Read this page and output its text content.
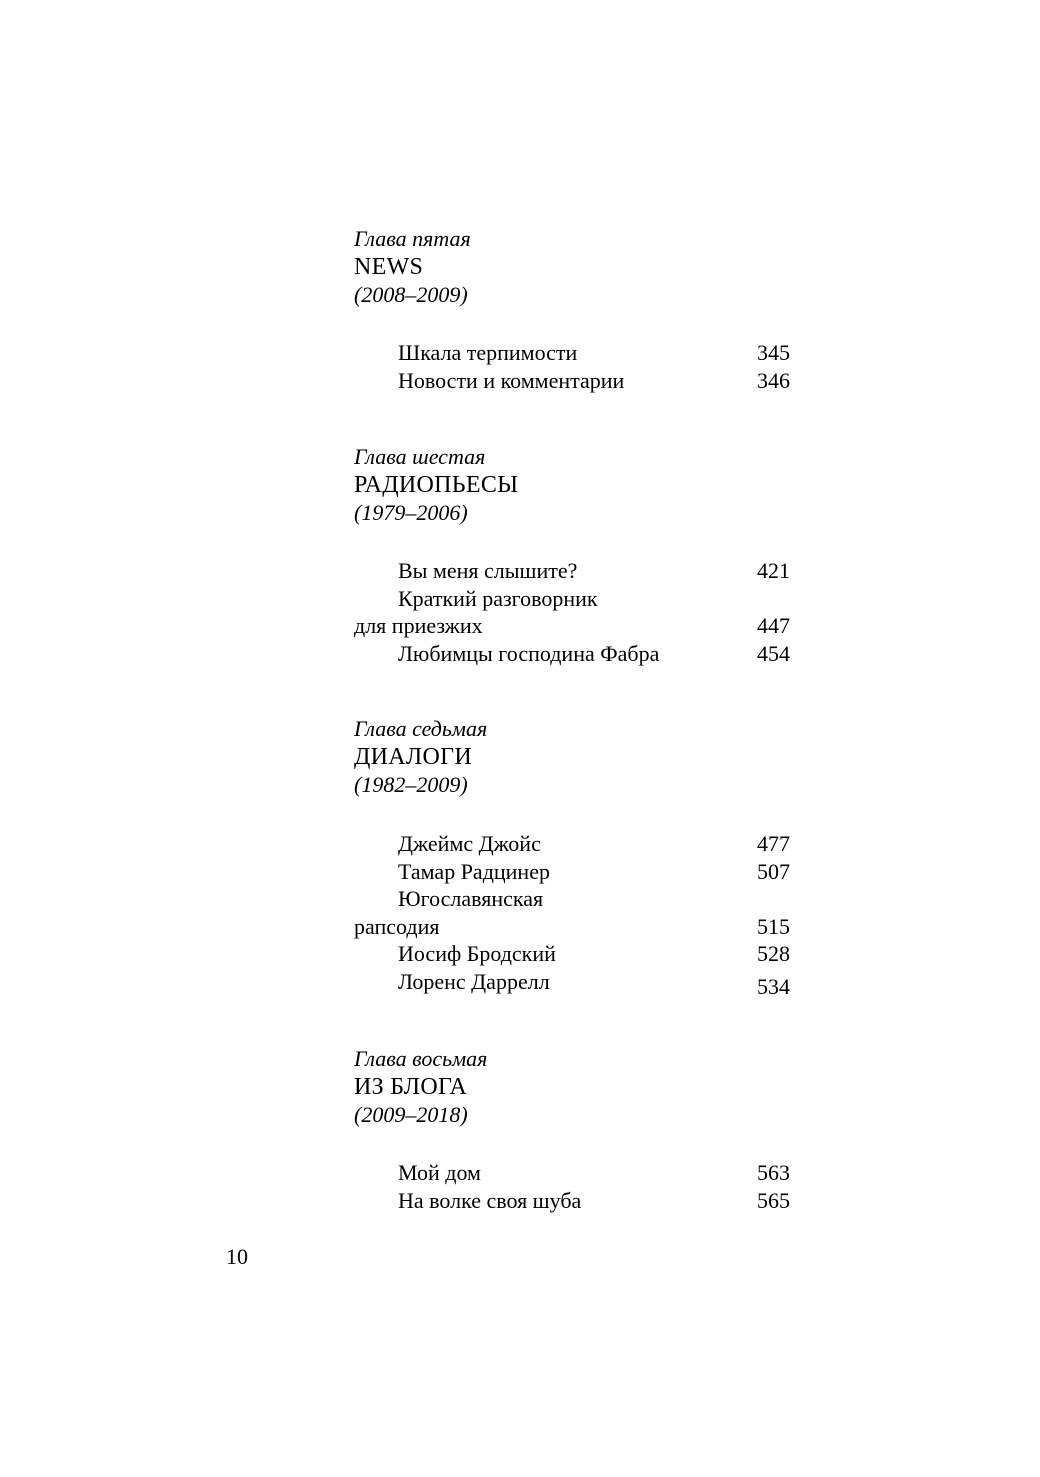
Глава пятая
NEWS
(2008–2009)
Шкала терпимости	345
Новости и комментарии	346
Глава шестая
РАДИОПЬЕСЫ
(1979–2006)
Вы меня слышите?	421
Краткий разговорник
для приезжих	447
Любимцы господина Фабра	454
Глава седьмая
ДИАЛОГИ
(1982–2009)
Джеймс Джойс	477
Тамар Радцинер	507
Югославянская
рапсодия	515
Иосиф Бродский	528
Лоренс Даррелл	534
Глава восьмая
ИЗ БЛОГА
(2009–2018)
Мой дом	563
На волке своя шуба	565
10
